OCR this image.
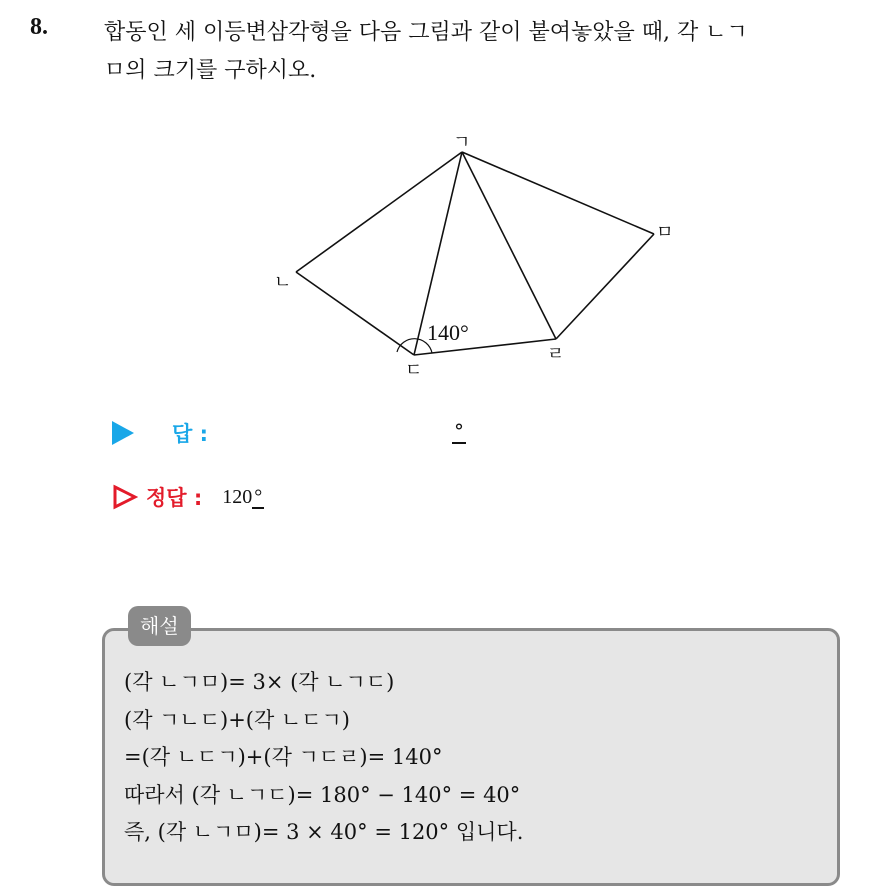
8.	합동인 세 이등변삼각형을 다음 그림과 같이 붙여놓았을 때, 각 ㄴㄱ
ㅁ의 크기를 구하시오.
ㄱ
ㄴ
ㄷ
ㄹ
ㅁ
140°
답 :	°
정답 : 120 °
해설
(각 ㄴㄱㅁ)= 3× (각 ㄴㄱㄷ)
(각 ㄱㄴㄷ)+(각 ㄴㄷㄱ)
=(각 ㄴㄷㄱ)+(각 ㄱㄷㄹ)= 140°
따라서 (각 ㄴㄱㄷ)= 180° − 140° = 40°
즉, (각 ㄴㄱㅁ)= 3 × 40° = 120° 입니다.
